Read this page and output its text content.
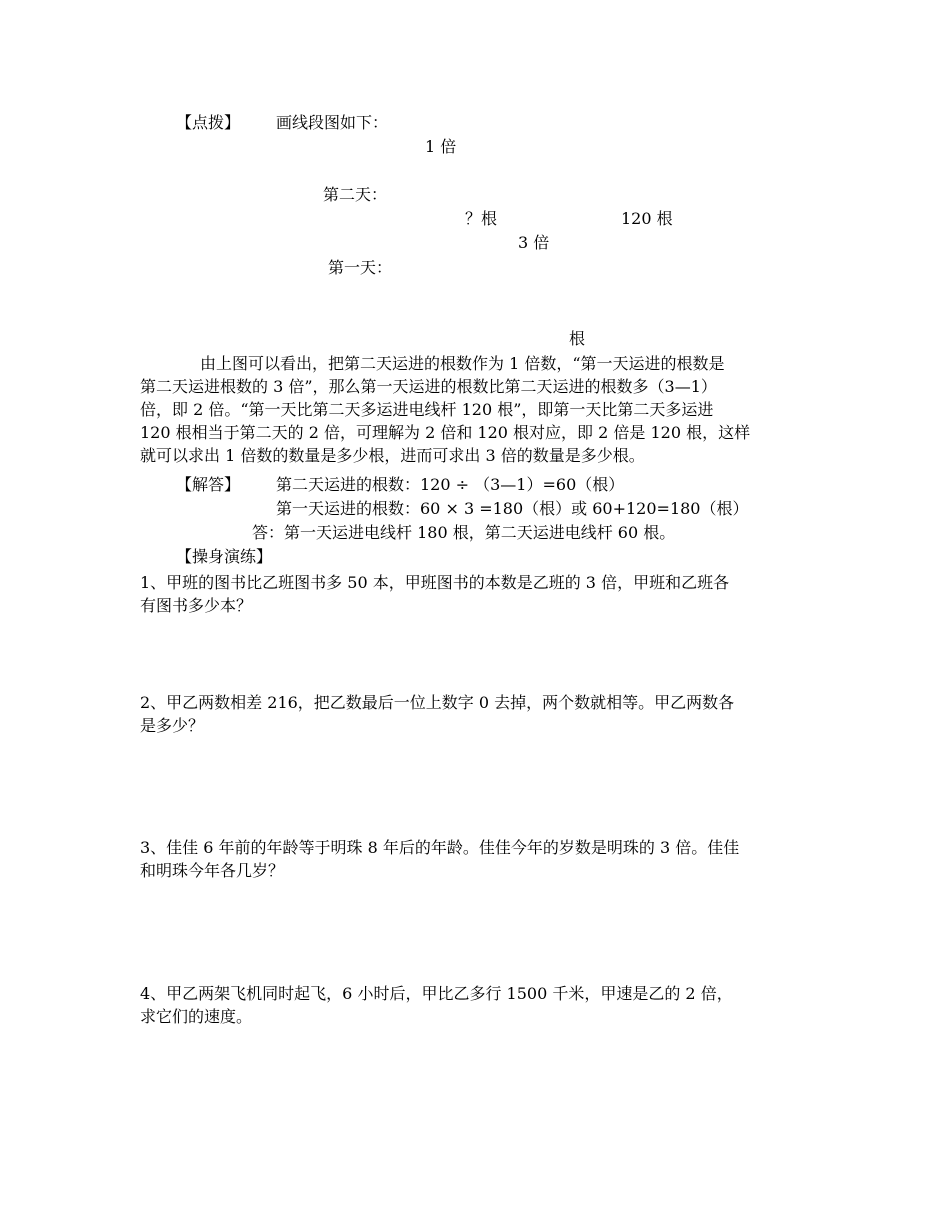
【点拨】 画线段图如下：
1 倍
第二天：
？根	120 根
3 倍
第一天：
根

由上图可以看出，把第二天运进的根数作为 1 倍数，“第一天运进的根数是

第二天运进根数的 3 倍”，那么第一天运进的根数比第二天运进的根数多（3—1）

倍，即 2 倍。“第一天比第二天多运进电线杆 120 根”，即第一天比第二天多运进

120 根相当于第二天的 2 倍，可理解为 2 倍和 120 根对应，即 2 倍是 120 根，这样

就可以求出 1 倍数的数量是多少根，进而可求出 3 倍的数量是多少根。

【解答】 第二天运进的根数：120 ÷ （3—1）=60（根）
第一天运进的根数：60 × 3 =180（根）或 60+120=180（根）
答：第一天运进电线杆 180 根，第二天运进电线杆 60 根。
【操身演练】

1、甲班的图书比乙班图书多 50 本，甲班图书的本数是乙班的 3 倍，甲班和乙班各

有图书多少本？

2、甲乙两数相差 216，把乙数最后一位上数字 0 去掉，两个数就相等。甲乙两数各

是多少？

3、佳佳 6 年前的年龄等于明珠 8 年后的年龄。佳佳今年的岁数是明珠的 3 倍。佳佳

和明珠今年各几岁？

4、甲乙两架飞机同时起飞，6 小时后，甲比乙多行 1500 千米，甲速是乙的 2 倍，

求它们的速度。
